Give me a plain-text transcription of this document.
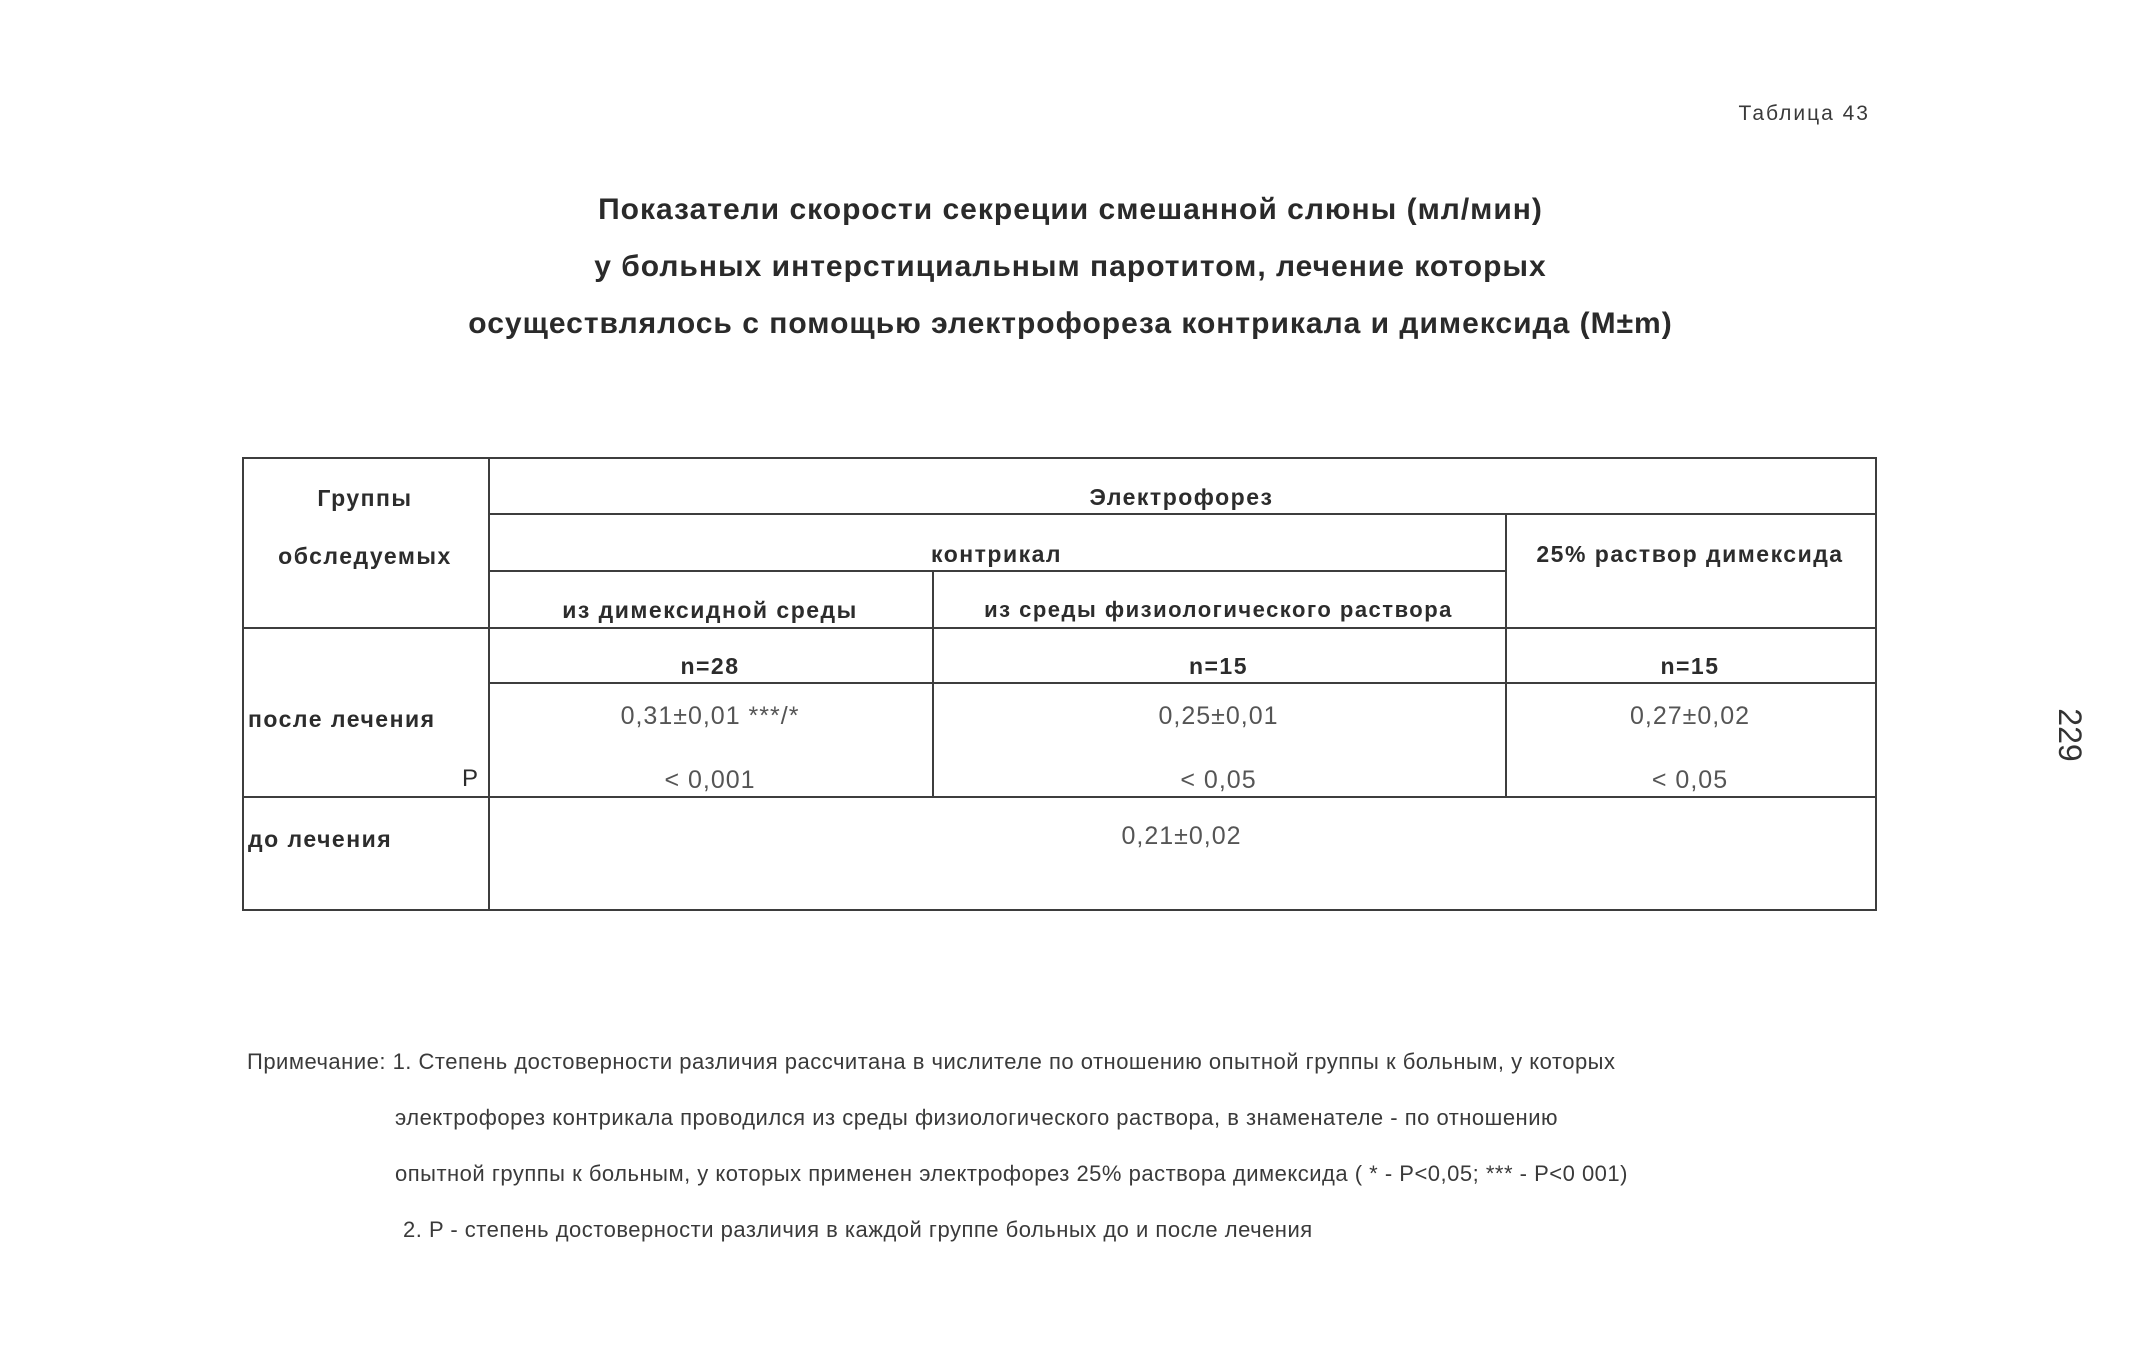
Таблица 43
Показатели скорости секреции смешанной слюны (мл/мин)
у больных интерстициальным паротитом, лечение которых
осуществлялось с помощью электрофореза контрикала и димексида (M±m)
229
Группы
обследуемых
Электрофорез
контрикал	25% раствор димексида
из димексидной среды	из среды физиологического раствора
n=28	n=15	n=15
после лечения	0,31±0,01 ***/*	0,25±0,01	0,27±0,02
P	< 0,001	< 0,05	< 0,05
до лечения	0,21±0,02
Примечание: 1. Степень достоверности различия рассчитана в числителе по отношению опытной группы к больным, у которых
электрофорез контрикала проводился из среды физиологического раствора, в знаменателе - по отношению
опытной группы к больным, у которых применен электрофорез 25% раствора димексида ( * - P<0,05; *** - P<0 001)
2. P - степень достоверности различия в каждой группе больных до и после лечения
